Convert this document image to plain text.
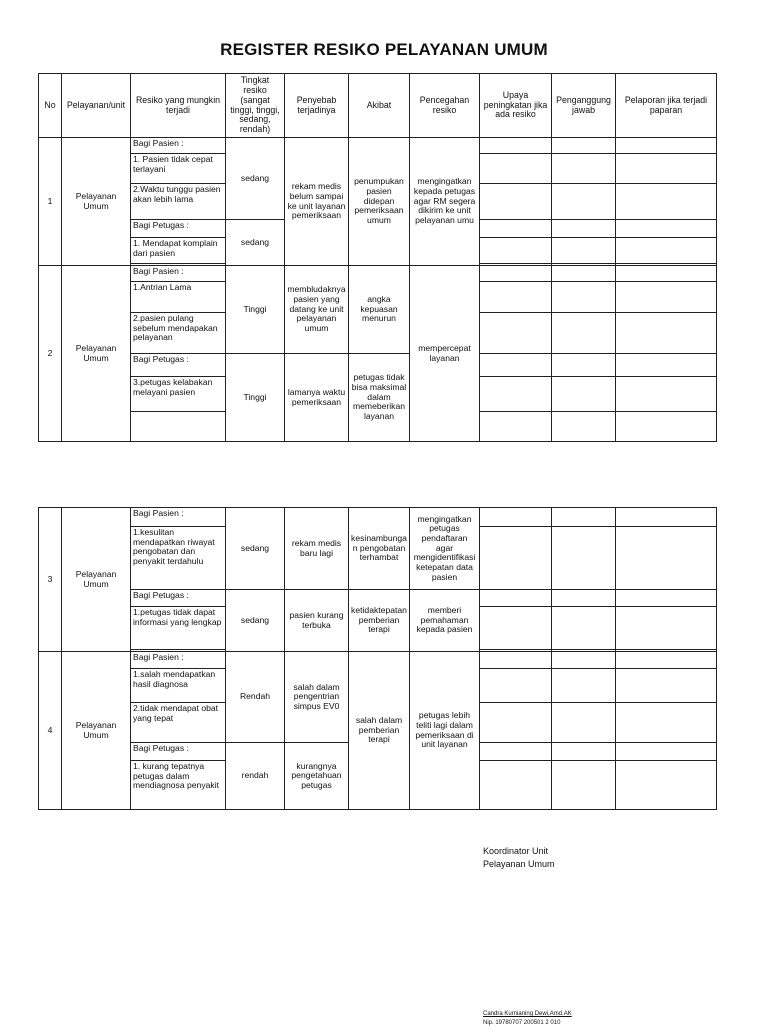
REGISTER RESIKO PELAYANAN UMUM
No	Pelayanan/unit	Resiko yang mungkin terjadi	Tingkat resiko (sangat tinggi, tinggi, sedang, rendah)	Penyebab terjadinya	Akibat	Pencegahan resiko	Upaya peningkatan jika ada resiko	Penganggung jawab	Pelaporan jika terjadi paparan
1	Pelayanan Umum	Bagi Pasien :	sedang	rekam medis belum sampai ke unit layanan pemeriksaan	penumpukan pasien didepan pemeriksaan umum	mengingatkan kepada petugas agar RM segera dikirim ke unit pelayanan umu			
		1. Pasien tidak cepat terlayani							
		2.Waktu tunggu pasien akan lebih lama							
		Bagi Petugas :	sedang						
		1. Mendapat komplain dari pasien							

2	Pelayanan Umum	Bagi Pasien :	Tinggi	membludaknya pasien yang datang ke unit pelayanan umum	angka kepuasan menurun	mempercepat layanan			
		1.Antrian Lama							
		2.pasien pulang sebelum mendapakan pelayanan							
		Bagi Petugas :	Tinggi	lamanya waktu pemeriksaan	petugas tidak bisa maksimal dalam memeberikan layanan				
		3.petugas kelabakan melayani pasien							

3	Pelayanan Umum	Bagi Pasien :	sedang	rekam medis baru lagi	kesinambunga n pengobatan terhambat	mengingatkan petugas pendaftaran agar mengidentifikasi ketepatan data pasien			
		1.kesulitan mendapatkan riwayat pengobatan dan penyakit terdahulu							
		Bagi Petugas :	sedang	pasien kurang terbuka	ketidaktepatan pemberian terapi	memberi pemahaman kepada pasien			
		1.petugas tidak dapat informasi yang lengkap							

4	Pelayanan Umum	Bagi Pasien :	Rendah	salah dalam pengentrian simpus EV0	salah dalam pemberian terapi	petugas lebih teliti lagi dalam pemeriksaan di unit layanan			
		1.salah mendapatkan hasil diagnosa							
		2.tidak mendapat obat yang tepat							
		Bagi Petugas :	rendah	kurangnya pengetahuan petugas					
		1. kurang tepatnya petugas dalam mendiagnosa penyakit							
Koordinator Unit
Pelayanan Umum
Candra Kurnianing Dewi,Amd.AK
Nip. 19780707 200501 2 010
